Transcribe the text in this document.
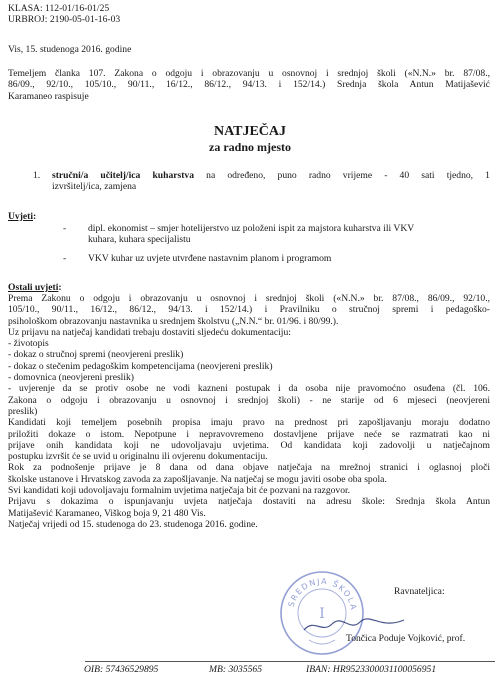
KLASA: 112-01/16-01/25
URBROJ: 2190-05-01-16-03
Vis, 15. studenoga 2016. godine
Temeljem članka 107. Zakona o odgoju i obrazovanju u osnovnoj i srednjoj školi («N.N.» br. 87/08.,
86/09., 92/10., 105/10., 90/11., 16/12., 86/12., 94/13. i 152/14.) Srednja škola Antun Matijašević
Karamaneo raspisuje
NATJEČAJ
za radno mjesto
1. stručni/a učitelj/ica kuharstva na određeno, puno radno vrijeme - 40 sati tjedno, 1
izvršitelj/ica, zamjena
Uvjeti:
- dipl. ekonomist – smjer hotelijerstvo uz položeni ispit za majstora kuharstva ili VKV
kuhara, kuhara specijalistu
- VKV kuhar uz uvjete utvrđene nastavnim planom i programom
Ostali uvjeti:
Prema Zakonu o odgoju i obrazovanju u osnovnoj i srednjoj školi («N.N.» br. 87/08., 86/09., 92/10.,
105/10., 90/11., 16/12., 86/12., 94/13. i 152/14.) i Pravilniku o stručnoj spremi i pedagoško-
psihološkom obrazovanju nastavnika u srednjem školstvu („N.N.“ br. 01/96. i 80/99.).
Uz prijavu na natječaj kandidati trebaju dostaviti sljedeću dokumentaciju:
- životopis
- dokaz o stručnoj spremi (neovjereni preslik)
- dokaz o stečenim pedagoškim kompetencijama (neovjereni preslik)
- domovnica (neovjereni preslik)
- uvjerenje da se protiv osobe ne vodi kazneni postupak i da osoba nije pravomoćno osuđena (čl. 106.
Zakona o odgoju i obrazovanju u osnovnoj i srednjoj školi) - ne starije od 6 mjeseci (neovjereni
preslik)
Kandidati koji temeljem posebnih propisa imaju pravo na prednost pri zapošljavanju moraju dodatno
priložiti dokaze o istom. Nepotpune i nepravovremeno dostavljene prijave neće se razmatrati kao ni
prijave onih kandidata koji ne udovoljavaju uvjetima. Od kandidata koji zadovolji u natječajnom
postupku izvršit će se uvid u originalnu ili ovjerenu dokumentaciju.
Rok za podnošenje prijave je 8 dana od dana objave natječaja na mrežnoj stranici i oglasnoj ploči
školske ustanove i Hrvatskog zavoda za zapošljavanje. Na natječaj se mogu javiti osobe oba spola.
Svi kandidati koji udovoljavaju formalnim uvjetima natječaja bit će pozvani na razgovor.
Prijavu s dokazima o ispunjavanju uvjeta natječaja dostaviti na adresu škole: Srednja škola Antun
Matijašević Karamaneo, Viškog boja 9, 21 480 Vis.
Natječaj vrijedi od 15. studenoga do 23. studenoga 2016. godine.
SREDNJA ŠKOLA
I
Ravnateljica:
Tončica Poduje Vojković, prof.
OIB: 57436529895	MB: 3035565	IBAN: HR9523300031100056951
